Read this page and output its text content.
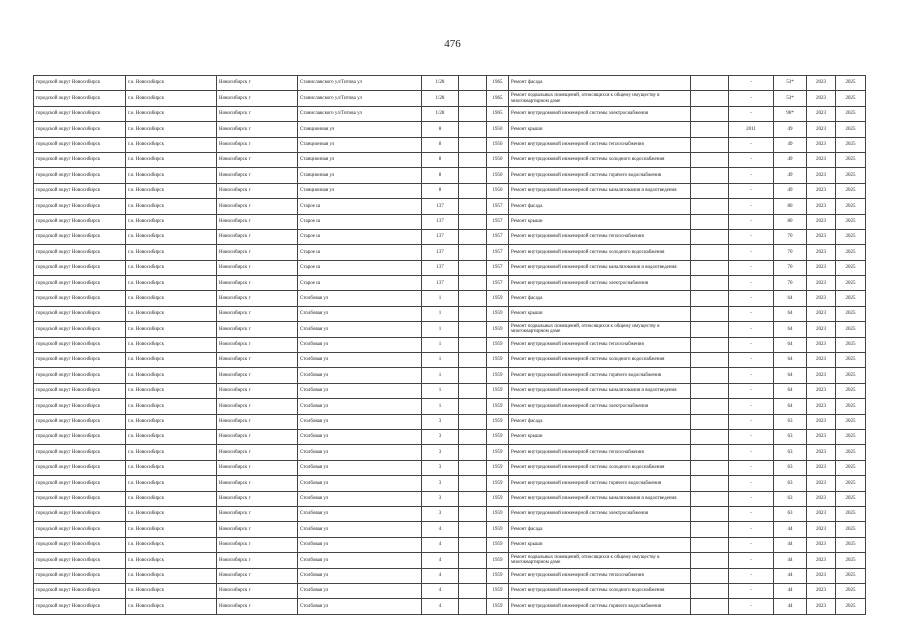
476
городской округ Новосибирск	г.о. Новосибирск	Новосибирск г	Станиславского ул/Титова ул	1/28		1965	Ремонт фасада		-	53*	2023	2025
городской округ Новосибирск	г.о. Новосибирск	Новосибирск г	Станиславского ул/Титова ул	1/28		1965	Ремонт подвальных помещений, относящихся к общему имуществу в многоквартирном доме		-	53*	2023	2025
городской округ Новосибирск	г.о. Новосибирск	Новосибирск г	Станиславского ул/Титова ул	1/28		1965	Ремонт внутридомовой инженерной системы электроснабжения		-	96*	2023	2025
городской округ Новосибирск	г.о. Новосибирск	Новосибирск г	Станционная ул	8		1950	Ремонт крыши		2011	49	2023	2025
городской округ Новосибирск	г.о. Новосибирск	Новосибирск г	Станционная ул	8		1950	Ремонт внутридомовой инженерной системы теплоснабжения		-	49	2023	2025
городской округ Новосибирск	г.о. Новосибирск	Новосибирск г	Станционная ул	8		1950	Ремонт внутридомовой инженерной системы холодного водоснабжения		-	49	2023	2025
городской округ Новосибирск	г.о. Новосибирск	Новосибирск г	Станционная ул	8		1950	Ремонт внутридомовой инженерной системы горячего водоснабжения		-	49	2023	2025
городской округ Новосибирск	г.о. Новосибирск	Новосибирск г	Станционная ул	8		1950	Ремонт внутридомовой инженерной системы канализования и водоотведения		-	49	2023	2025
городской округ Новосибирск	г.о. Новосибирск	Новосибирск г	Старое ш	137		1957	Ремонт фасада		-	80	2023	2025
городской округ Новосибирск	г.о. Новосибирск	Новосибирск г	Старое ш	137		1957	Ремонт крыши		-	80	2023	2025
городской округ Новосибирск	г.о. Новосибирск	Новосибирск г	Старое ш	137		1957	Ремонт внутридомовой инженерной системы теплоснабжения		-	70	2023	2025
городской округ Новосибирск	г.о. Новосибирск	Новосибирск г	Старое ш	137		1957	Ремонт внутридомовой инженерной системы холодного водоснабжения		-	70	2023	2025
городской округ Новосибирск	г.о. Новосибирск	Новосибирск г	Старое ш	137		1957	Ремонт внутридомовой инженерной системы канализования и водоотведения		-	70	2023	2025
городской округ Новосибирск	г.о. Новосибирск	Новосибирск г	Старое ш	137		1957	Ремонт внутридомовой инженерной системы электроснабжения		-	70	2023	2025
городской округ Новосибирск	г.о. Новосибирск	Новосибирск г	Столбовая ул	1		1959	Ремонт фасада		-	64	2023	2025
городской округ Новосибирск	г.о. Новосибирск	Новосибирск г	Столбовая ул	1		1959	Ремонт крыши		-	64	2023	2025
городской округ Новосибирск	г.о. Новосибирск	Новосибирск г	Столбовая ул	1		1959	Ремонт подвальных помещений, относящихся к общему имуществу в многоквартирном доме		-	64	2023	2025
городской округ Новосибирск	г.о. Новосибирск	Новосибирск г	Столбовая ул	1		1959	Ремонт внутридомовой инженерной системы теплоснабжения		-	64	2023	2025
городской округ Новосибирск	г.о. Новосибирск	Новосибирск г	Столбовая ул	1		1959	Ремонт внутридомовой инженерной системы холодного водоснабжения		-	64	2023	2025
городской округ Новосибирск	г.о. Новосибирск	Новосибирск г	Столбовая ул	1		1959	Ремонт внутридомовой инженерной системы горячего водоснабжения		-	64	2023	2025
городской округ Новосибирск	г.о. Новосибирск	Новосибирск г	Столбовая ул	1		1959	Ремонт внутридомовой инженерной системы канализования и водоотведения		-	64	2023	2025
городской округ Новосибирск	г.о. Новосибирск	Новосибирск г	Столбовая ул	1		1959	Ремонт внутридомовой инженерной системы электроснабжения		-	64	2023	2025
городской округ Новосибирск	г.о. Новосибирск	Новосибирск г	Столбовая ул	3		1959	Ремонт фасада		-	63	2023	2025
городской округ Новосибирск	г.о. Новосибирск	Новосибирск г	Столбовая ул	3		1959	Ремонт крыши		-	63	2023	2025
городской округ Новосибирск	г.о. Новосибирск	Новосибирск г	Столбовая ул	3		1959	Ремонт внутридомовой инженерной системы теплоснабжения		-	63	2023	2025
городской округ Новосибирск	г.о. Новосибирск	Новосибирск г	Столбовая ул	3		1959	Ремонт внутридомовой инженерной системы холодного водоснабжения		-	63	2023	2025
городской округ Новосибирск	г.о. Новосибирск	Новосибирск г	Столбовая ул	3		1959	Ремонт внутридомовой инженерной системы горячего водоснабжения		-	63	2023	2025
городской округ Новосибирск	г.о. Новосибирск	Новосибирск г	Столбовая ул	3		1959	Ремонт внутридомовой инженерной системы канализования и водоотведения		-	63	2023	2025
городской округ Новосибирск	г.о. Новосибирск	Новосибирск г	Столбовая ул	3		1959	Ремонт внутридомовой инженерной системы электроснабжения		-	63	2023	2025
городской округ Новосибирск	г.о. Новосибирск	Новосибирск г	Столбовая ул	4		1959	Ремонт фасада		-	44	2023	2025
городской округ Новосибирск	г.о. Новосибирск	Новосибирск г	Столбовая ул	4		1959	Ремонт крыши		-	44	2023	2025
городской округ Новосибирск	г.о. Новосибирск	Новосибирск г	Столбовая ул	4		1959	Ремонт подвальных помещений, относящихся к общему имуществу в многоквартирном доме		-	44	2023	2025
городской округ Новосибирск	г.о. Новосибирск	Новосибирск г	Столбовая ул	4		1959	Ремонт внутридомовой инженерной системы теплоснабжения		-	44	2023	2025
городской округ Новосибирск	г.о. Новосибирск	Новосибирск г	Столбовая ул	4		1959	Ремонт внутридомовой инженерной системы холодного водоснабжения		-	44	2023	2025
городской округ Новосибирск	г.о. Новосибирск	Новосибирск г	Столбовая ул	4		1959	Ремонт внутридомовой инженерной системы горячего водоснабжения		-	44	2023	2025
